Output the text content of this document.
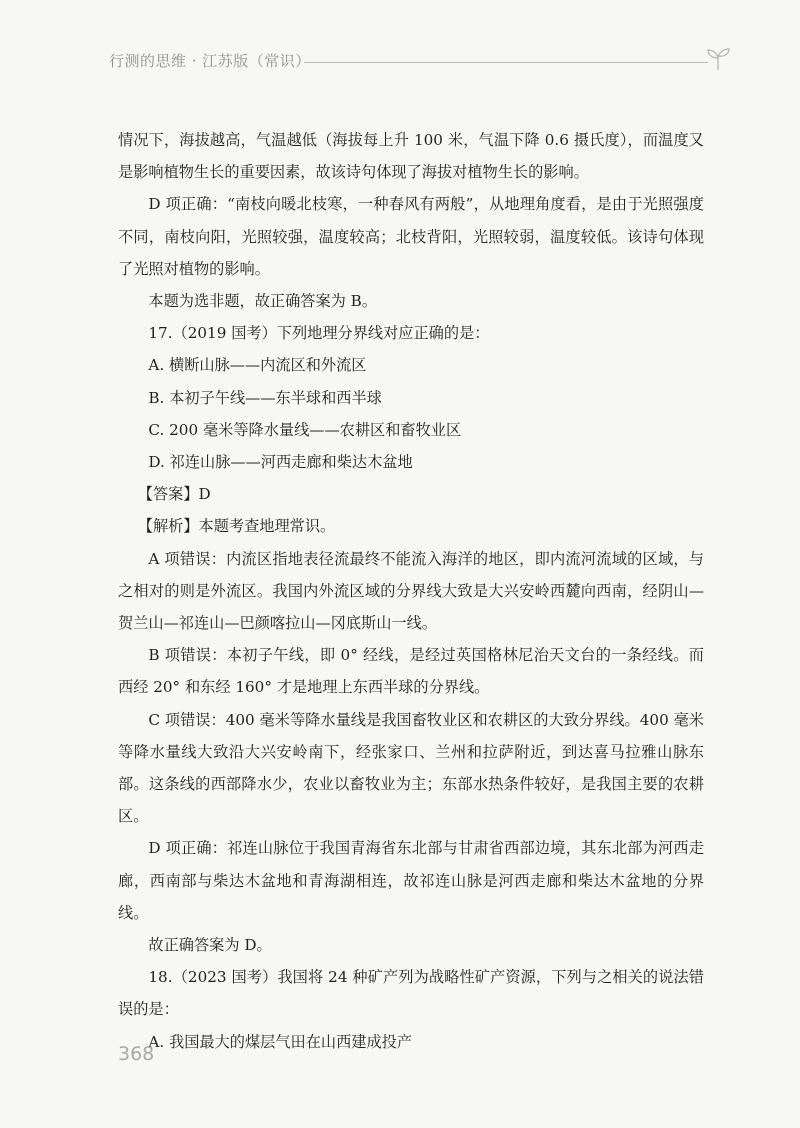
行测的思维 · 江苏版（常识）

情况下，海拔越高，气温越低（海拔每上升 100 米，气温下降 0.6 摄氏度），而温度又是影响植物生长的重要因素，故该诗句体现了海拔对植物生长的影响。

D 项正确：“南枝向暖北枝寒，一种春风有两般”，从地理角度看，是由于光照强度不同，南枝向阳，光照较强，温度较高；北枝背阳，光照较弱，温度较低。该诗句体现了光照对植物的影响。

本题为选非题，故正确答案为 B。

17.（2019 国考）下列地理分界线对应正确的是：

A. 横断山脉——内流区和外流区

B. 本初子午线——东半球和西半球

C. 200 毫米等降水量线——农耕区和畜牧业区

D. 祁连山脉——河西走廊和柴达木盆地

【答案】D

【解析】本题考查地理常识。

A 项错误：内流区指地表径流最终不能流入海洋的地区，即内流河流域的区域，与之相对的则是外流区。我国内外流区域的分界线大致是大兴安岭西麓向西南，经阴山—贺兰山—祁连山—巴颜喀拉山—冈底斯山一线。

B 项错误：本初子午线，即 0° 经线，是经过英国格林尼治天文台的一条经线。而西经 20° 和东经 160° 才是地理上东西半球的分界线。

C 项错误：400 毫米等降水量线是我国畜牧业区和农耕区的大致分界线。400 毫米等降水量线大致沿大兴安岭南下，经张家口、兰州和拉萨附近，到达喜马拉雅山脉东部。这条线的西部降水少，农业以畜牧业为主；东部水热条件较好，是我国主要的农耕区。

D 项正确：祁连山脉位于我国青海省东北部与甘肃省西部边境，其东北部为河西走廊，西南部与柴达木盆地和青海湖相连，故祁连山脉是河西走廊和柴达木盆地的分界线。

故正确答案为 D。

18.（2023 国考）我国将 24 种矿产列为战略性矿产资源，下列与之相关的说法错误的是：

A. 我国最大的煤层气田在山西建成投产

368
